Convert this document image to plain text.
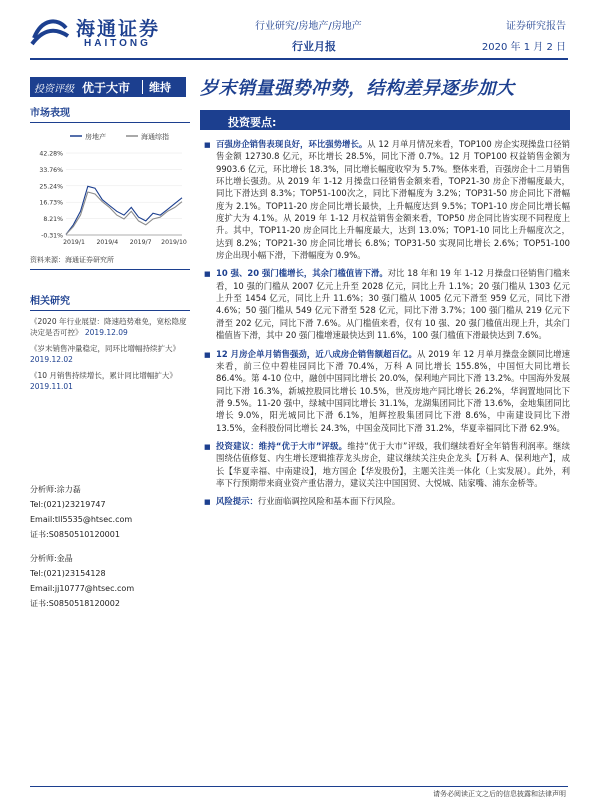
海通证券
HAITONG
行业研究/房地产/房地产
行业月报
证券研究报告
2020 年 1 月 2 日
投资评级 优于大市	维持 岁末销量强势冲势，结构差异逐步加大
市场表现
房地产	海通综指
42.28%
33.76%
25.24%
16.73%
8.21%
-0.31%
2019/1 2019/4 2019/7 2019/10
资料来源：海通证券研究所
相关研究
《2020 年行业展望：降速趋势难免，宽松隐度决定是否可控》 2019.12.09
《岁末销售冲量稳定，同环比增幅持续扩大》 2019.12.02
《10 月销售持续增长，累计同比增幅扩大》 2019.11.01
分析师:涂力磊
Tel:(021)23219747
Email:tll5535@htsec.com
证书:S0850510120001
分析师:金晶
Tel:(021)23154128
Email:jj10777@htsec.com
证书:S0850518120002
投资要点:
■ 百强房企销售表现良好，环比强势增长。从 12 月单月情况来看，TOP100 房企实现操盘口径销售金额 12730.8 亿元，环比增长 28.5%，同比下滑 0.7%。12 月 TOP100 权益销售金额为 9903.6 亿元，环比增长 18.3%，同比增长幅度收窄为 5.7%。整体来看，百强房企十二月销售环比增长强劲。从 2019 年 1-12 月操盘口径销售金额来看，TOP21-30 房企下滑幅度最大，同比下滑达到 8.3%；TOP51-100次之，同比下滑幅度为 3.2%；TOP31-50 房企同比下滑幅度为 2.1%。TOP11-20 房企同比增长最快，上升幅度达到 9.5%；TOP1-10 房企同比增长幅度扩大为 4.1%。从 2019 年 1-12 月权益销售金额来看，TOP50 房企同比皆实现不同程度上升。其中，TOP11-20 房企同比上升幅度最大，达到 13.0%；TOP1-10 同比上升幅度次之，达到 8.2%；TOP21-30 房企同比增长 6.8%；TOP31-50 实现同比增长 2.6%；TOP51-100 房企出现小幅下滑，下滑幅度为 0.9%。
■ 10 强、20 强门槛增长，其余门槛值皆下滑。对比 18 年和 19 年 1-12 月操盘口径销售门槛来看，10 强的门槛从 2007 亿元上升至 2028 亿元，同比上升 1.1%；20 强门槛从 1303 亿元上升至 1454 亿元，同比上升 11.6%；30 强门槛从 1005 亿元下滑至 959 亿元，同比下滑 4.6%；50 强门槛从 549 亿元下滑至 528 亿元，同比下滑 3.7%；100 强门槛从 219 亿元下滑至 202 亿元，同比下滑 7.6%。从门槛值来看，仅有 10 强、20 强门槛值出现上升，其余门槛值皆下滑，其中 20 强门槛增速最快达到 11.6%，100 强门槛值下滑最快达到 7.6%。
■ 12 月房企单月销售强劲，近八成房企销售额超百亿。从 2019 年 12 月单月操盘金额同比增速来看，前三位中碧桂园同比下滑 70.4%，万科 A 同比增长 155.8%，中国恒大同比增长 86.4%。第 4-10 位中，融创中国同比增长 20.0%，保利地产同比下滑 13.2%。中国海外发展同比下滑 16.3%，新城控股同比增长 10.5%，世茂房地产同比增长 26.2%，华润置地同比下滑 9.5%。11-20 强中，绿城中国同比增长 31.1%，龙湖集团同比下滑 13.6%，金地集团同比增长 9.0%，阳光城同比下滑 6.1%，旭辉控股集团同比下滑 8.6%，中南建设同比下滑 13.5%，金科股份同比增长 24.3%，中国金茂同比下滑 31.2%，华夏幸福同比下滑 62.9%。
■ 投资建议：维持“优于大市”评级。维持“优于大市”评级，我们继续看好全年销售利润率。继续围绕估值修复、内生增长逻辑推荐龙头房企，建议继续关注央企龙头【万科 A、保利地产】，成长【华夏幸福、中南建设】，地方国企【华发股份】，主题关注美一体化（上实发展）。此外，利率下行预期带来商业资产重估潜力，建议关注中国国贸、大悦城、陆家嘴、浦东金桥等。
■ 风险提示：行业面临调控风险和基本面下行风险。
请务必阅读正文之后的信息披露和法律声明
